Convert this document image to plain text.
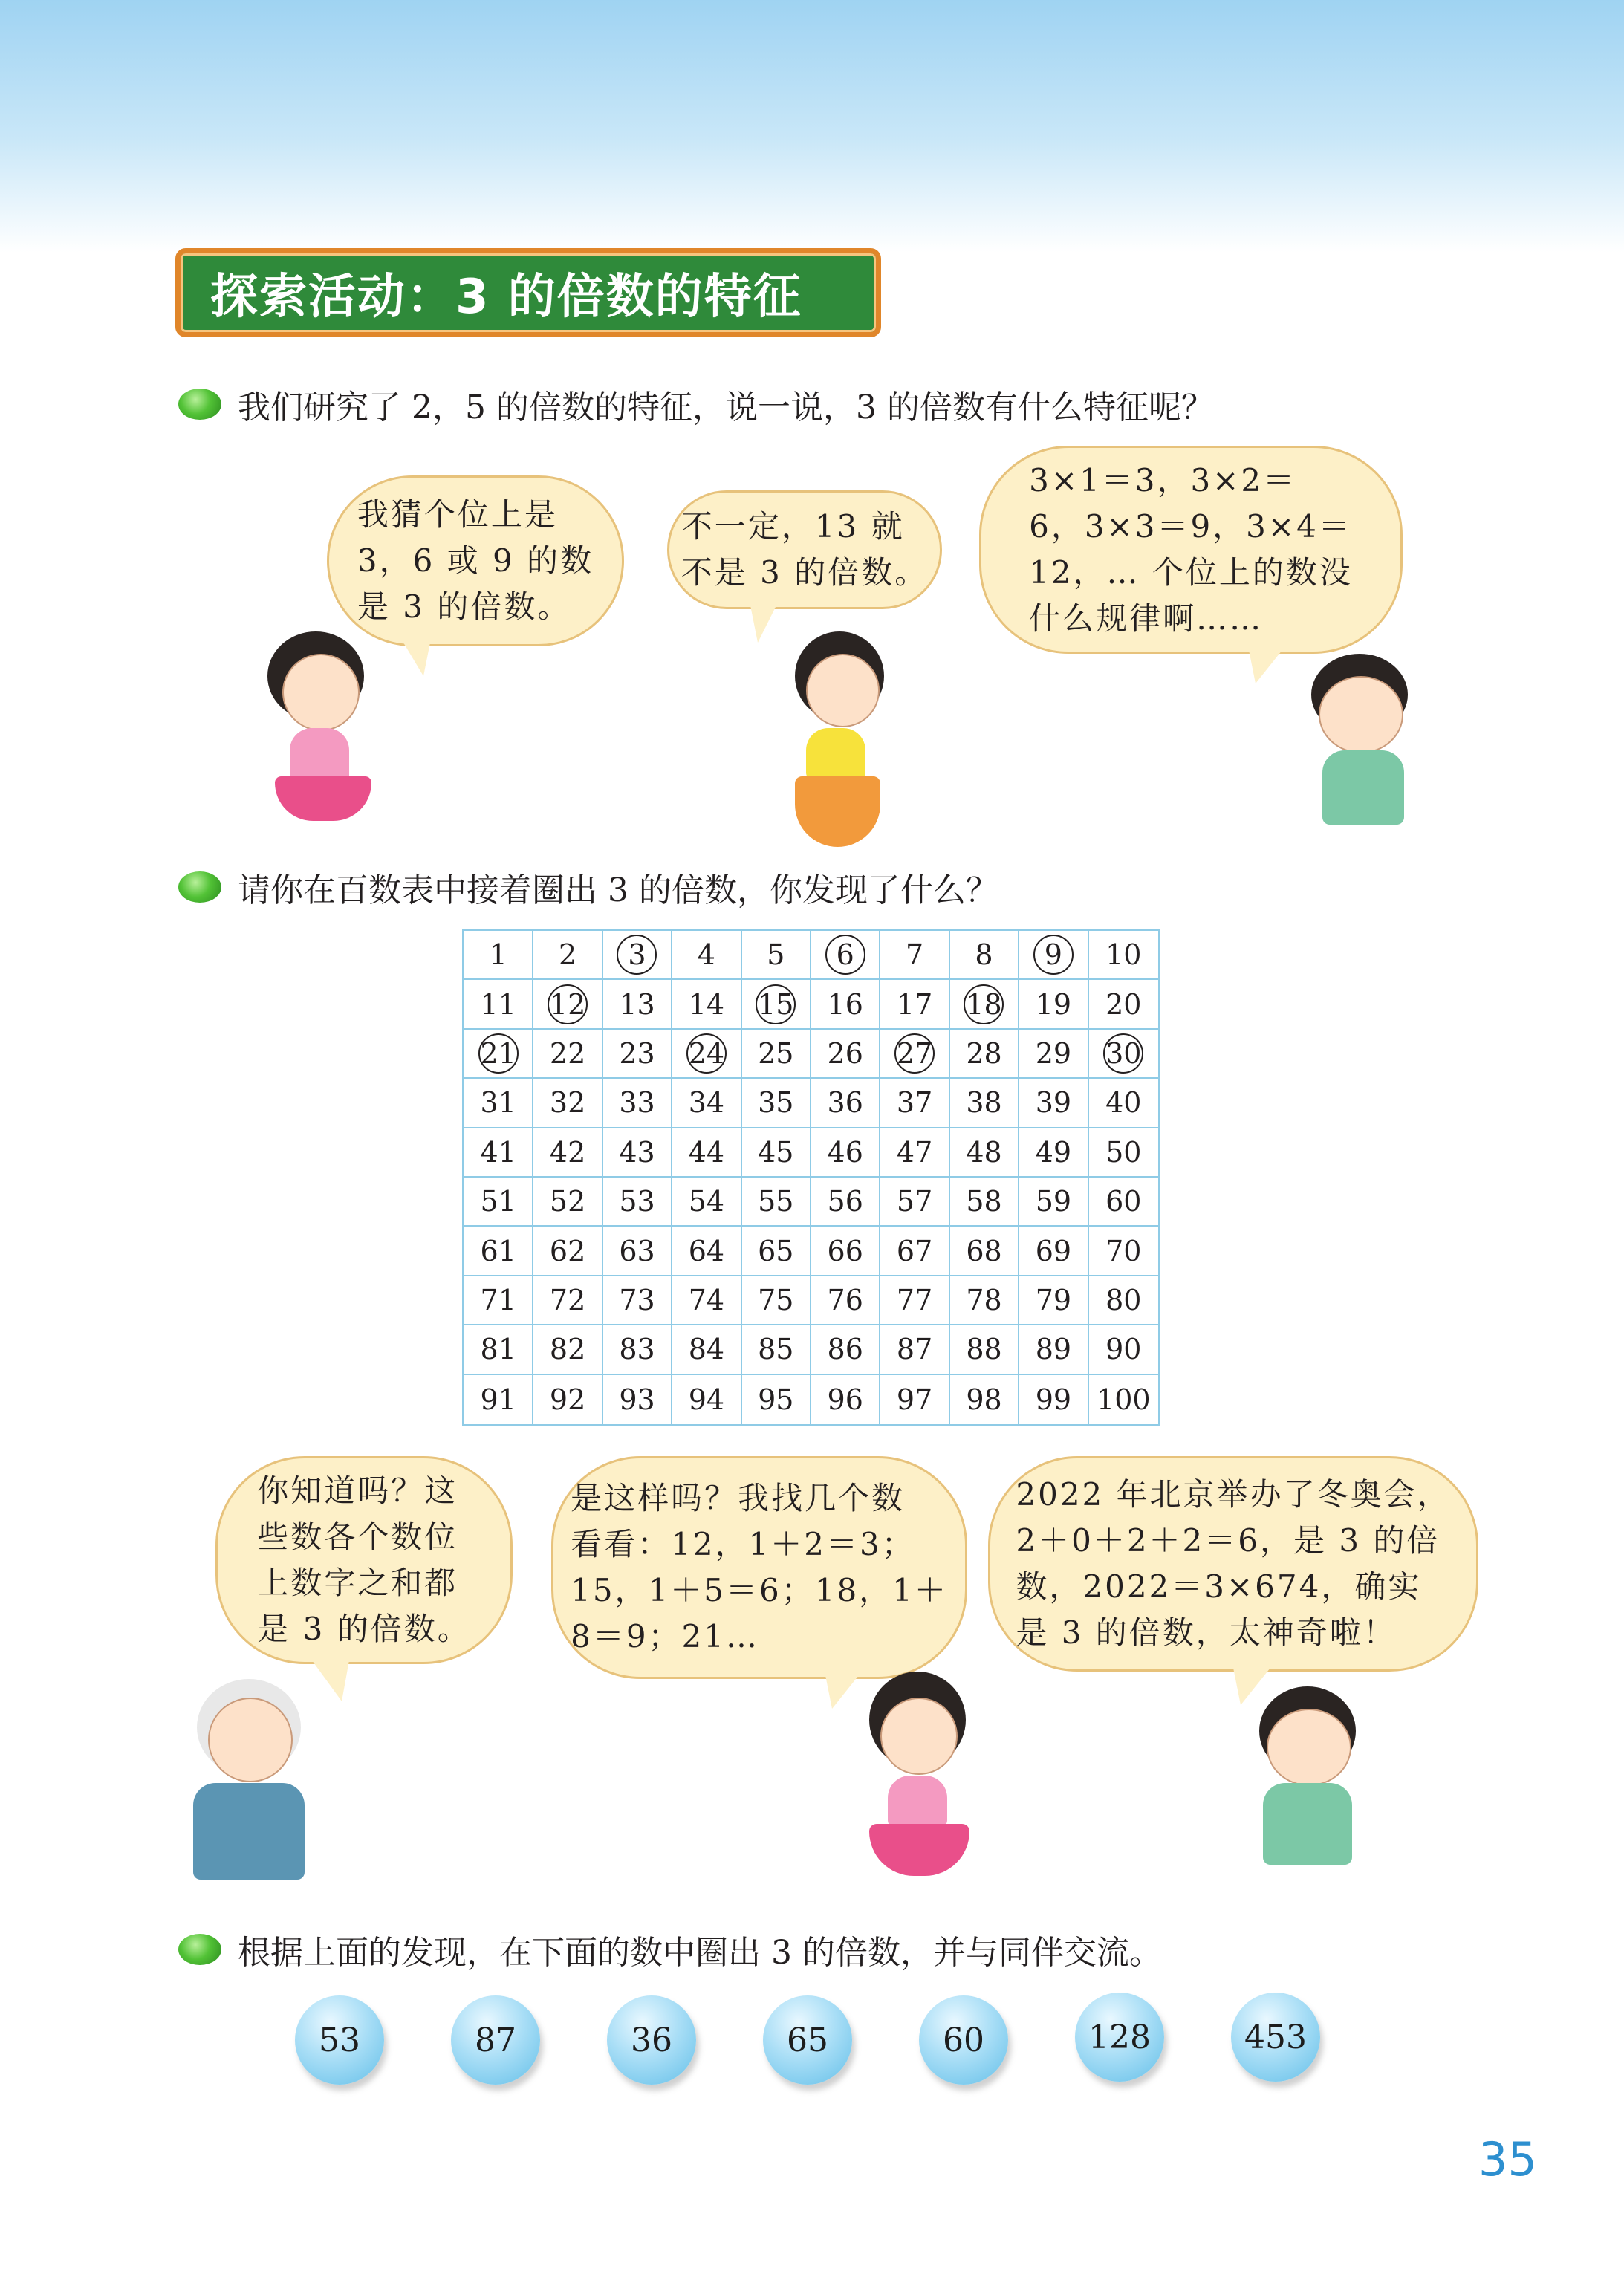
探索活动：3 的倍数的特征
我们研究了 2，5 的倍数的特征，说一说，3 的倍数有什么特征呢？
我猜个位上是
3，6 或 9 的数
是 3 的倍数。
不一定，13 就
不是 3 的倍数。
3×1＝3，3×2＝
6，3×3＝9，3×4＝
12，… 个位上的数没
什么规律啊……
请你在百数表中接着圈出 3 的倍数，你发现了什么？
1 2 3 4 5 6 7 8 9 10
11 12 13 14 15 16 17 18 19 20
21 22 23 24 25 26 27 28 29 30
31 32 33 34 35 36 37 38 39 40
41 42 43 44 45 46 47 48 49 50
51 52 53 54 55 56 57 58 59 60
61 62 63 64 65 66 67 68 69 70
71 72 73 74 75 76 77 78 79 80
81 82 83 84 85 86 87 88 89 90
91 92 93 94 95 96 97 98 99 100
你知道吗？这
些数各个数位
上数字之和都
是 3 的倍数。
是这样吗？我找几个数
看看：12，1＋2＝3；
15，1＋5＝6；18，1＋
8＝9；21…
2022 年北京举办了冬奥会，
2＋0＋2＋2＝6，是 3 的倍
数，2022＝3×674，确实
是 3 的倍数，太神奇啦！
根据上面的发现，在下面的数中圈出 3 的倍数，并与同伴交流。
53	87	36	65	60	128	453
35
